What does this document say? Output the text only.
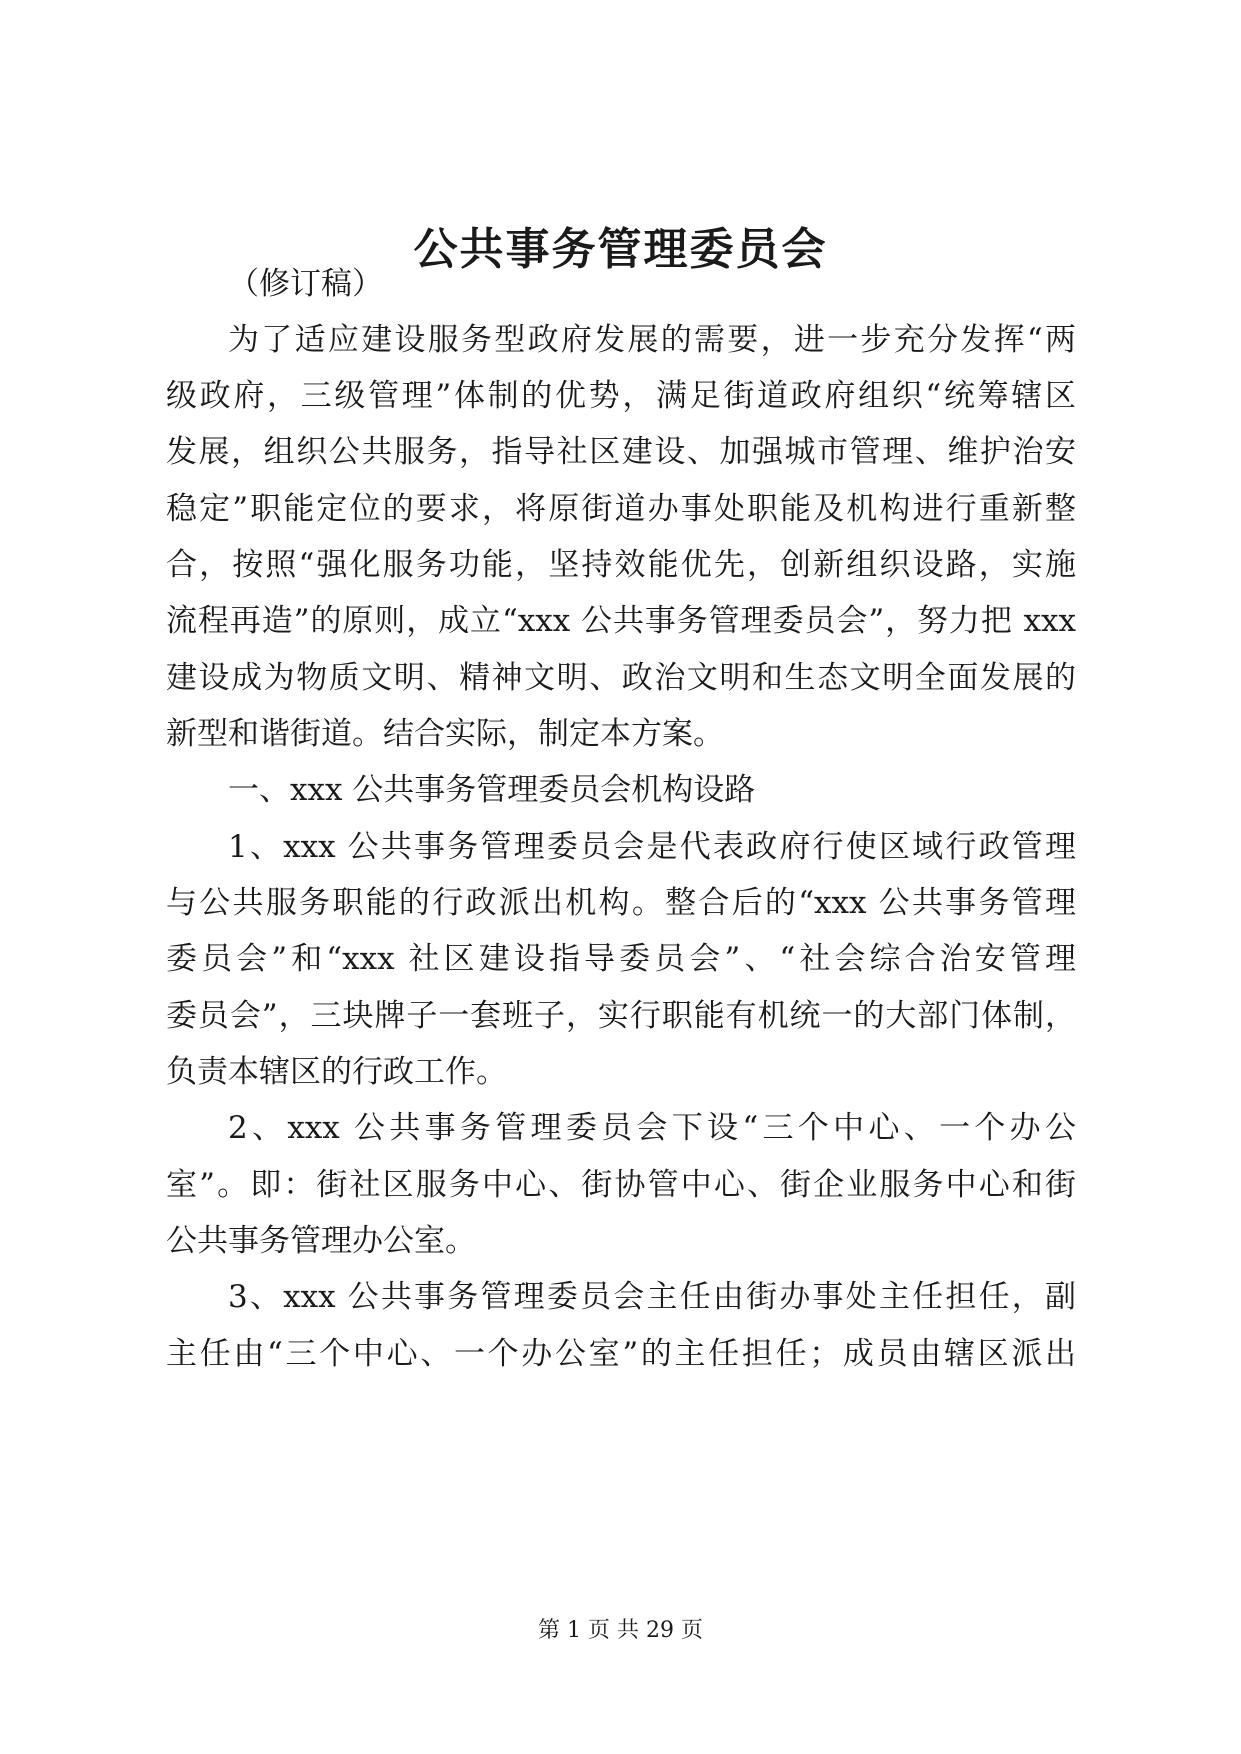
公共事务管理委员会
（修订稿）
为了适应建设服务型政府发展的需要，进一步充分发挥“两
级政府，三级管理”体制的优势，满足街道政府组织“统筹辖区
发展，组织公共服务，指导社区建设、加强城市管理、维护治安
稳定”职能定位的要求，将原街道办事处职能及机构进行重新整
合，按照“强化服务功能，坚持效能优先，创新组织设路，实施
流程再造”的原则，成立“xxx 公共事务管理委员会”，努力把 xxx
建设成为物质文明、精神文明、政治文明和生态文明全面发展的
新型和谐街道。结合实际，制定本方案。
一、xxx 公共事务管理委员会机构设路
1、xxx 公共事务管理委员会是代表政府行使区域行政管理
与公共服务职能的行政派出机构。整合后的“xxx 公共事务管理
委员会”和“xxx 社区建设指导委员会”、“社会综合治安管理
委员会”，三块牌子一套班子，实行职能有机统一的大部门体制，
负责本辖区的行政工作。
2、xxx 公共事务管理委员会下设“三个中心、一个办公
室”。即：街社区服务中心、街协管中心、街企业服务中心和街
公共事务管理办公室。
3、xxx 公共事务管理委员会主任由街办事处主任担任，副
主任由“三个中心、一个办公室”的主任担任；成员由辖区派出
第 1 页 共 29 页
